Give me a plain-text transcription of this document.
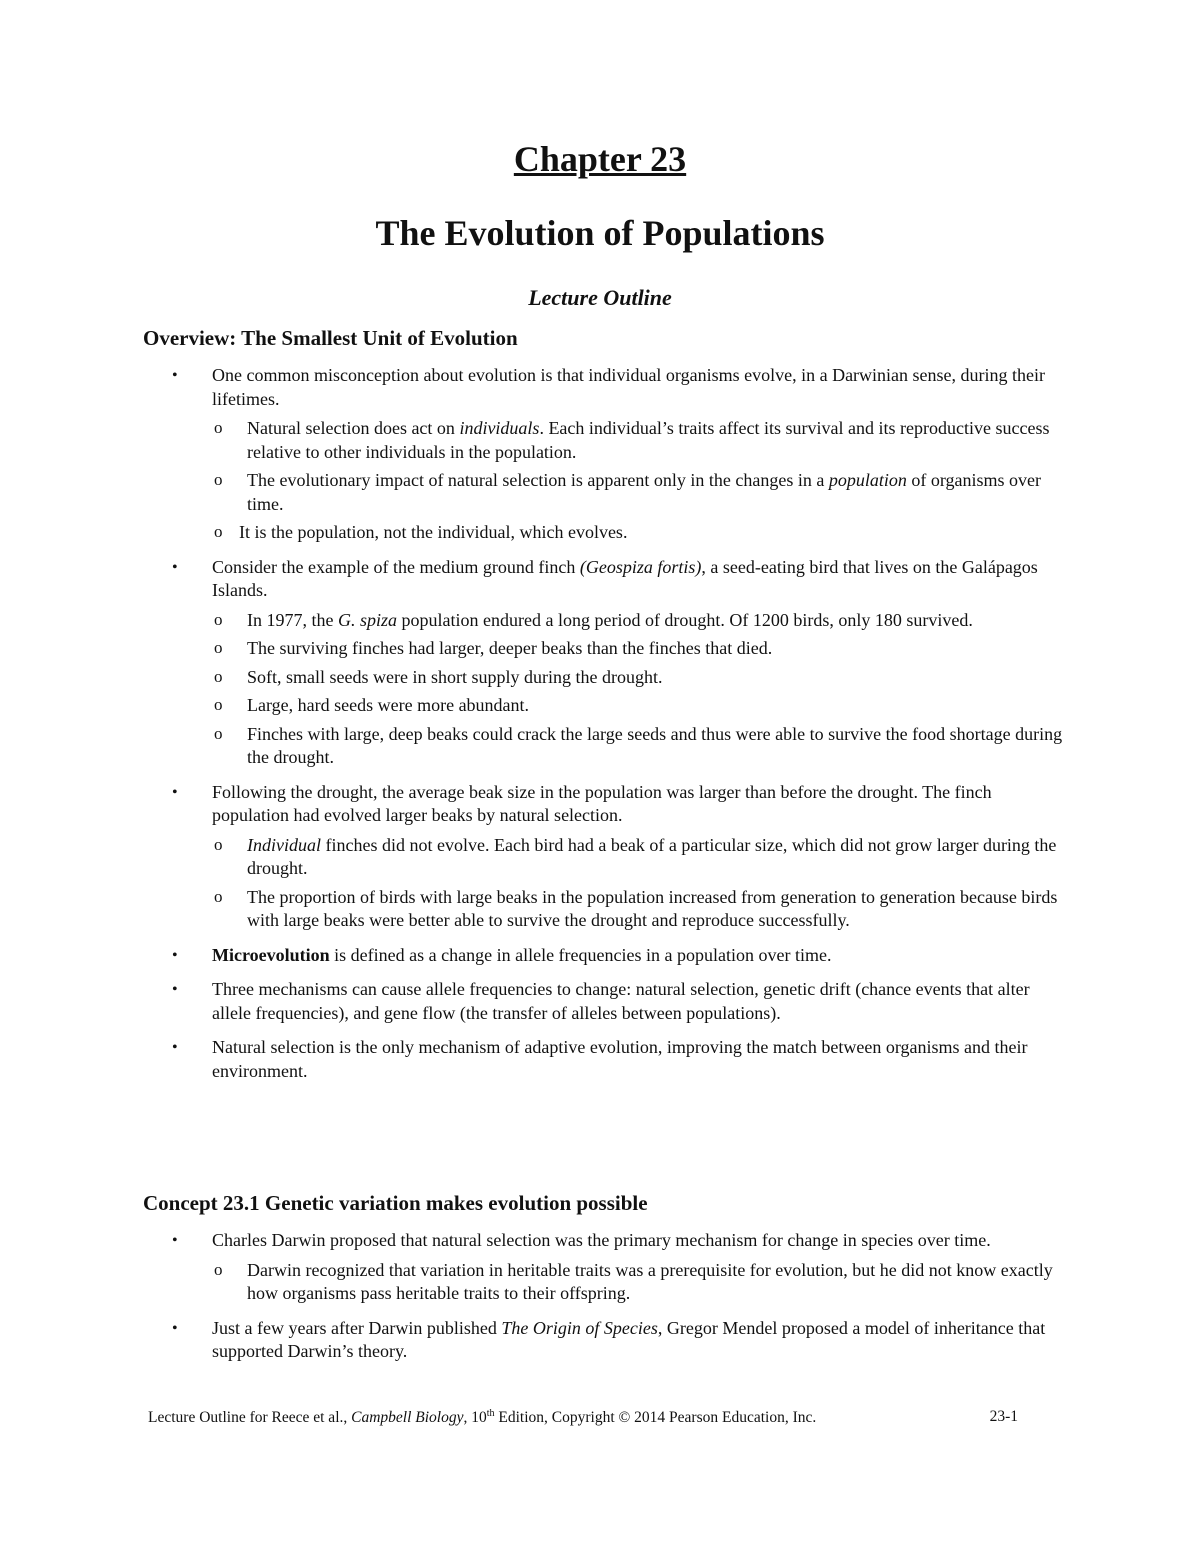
Chapter 23
The Evolution of Populations
Lecture Outline
Overview: The Smallest Unit of Evolution
• One common misconception about evolution is that individual organisms evolve, in a Darwinian sense, during their lifetimes.
o Natural selection does act on individuals. Each individual’s traits affect its survival and its reproductive success relative to other individuals in the population.
o The evolutionary impact of natural selection is apparent only in the changes in a population of organisms over time.
o It is the population, not the individual, which evolves.
• Consider the example of the medium ground finch (Geospiza fortis), a seed-eating bird that lives on the Galápagos Islands.
o In 1977, the G. spiza population endured a long period of drought. Of 1200 birds, only 180 survived.
o The surviving finches had larger, deeper beaks than the finches that died.
o Soft, small seeds were in short supply during the drought.
o Large, hard seeds were more abundant.
o Finches with large, deep beaks could crack the large seeds and thus were able to survive the food shortage during the drought.
• Following the drought, the average beak size in the population was larger than before the drought. The finch population had evolved larger beaks by natural selection.
o Individual finches did not evolve. Each bird had a beak of a particular size, which did not grow larger during the drought.
o The proportion of birds with large beaks in the population increased from generation to generation because birds with large beaks were better able to survive the drought and reproduce successfully.
• Microevolution is defined as a change in allele frequencies in a population over time.
• Three mechanisms can cause allele frequencies to change: natural selection, genetic drift (chance events that alter allele frequencies), and gene flow (the transfer of alleles between populations).
• Natural selection is the only mechanism of adaptive evolution, improving the match between organisms and their environment.
Concept 23.1 Genetic variation makes evolution possible
• Charles Darwin proposed that natural selection was the primary mechanism for change in species over time.
o Darwin recognized that variation in heritable traits was a prerequisite for evolution, but he did not know exactly how organisms pass heritable traits to their offspring.
• Just a few years after Darwin published The Origin of Species, Gregor Mendel proposed a model of inheritance that supported Darwin’s theory.
Lecture Outline for Reece et al., Campbell Biology, 10th Edition, Copyright © 2014 Pearson Education, Inc.	23-1
